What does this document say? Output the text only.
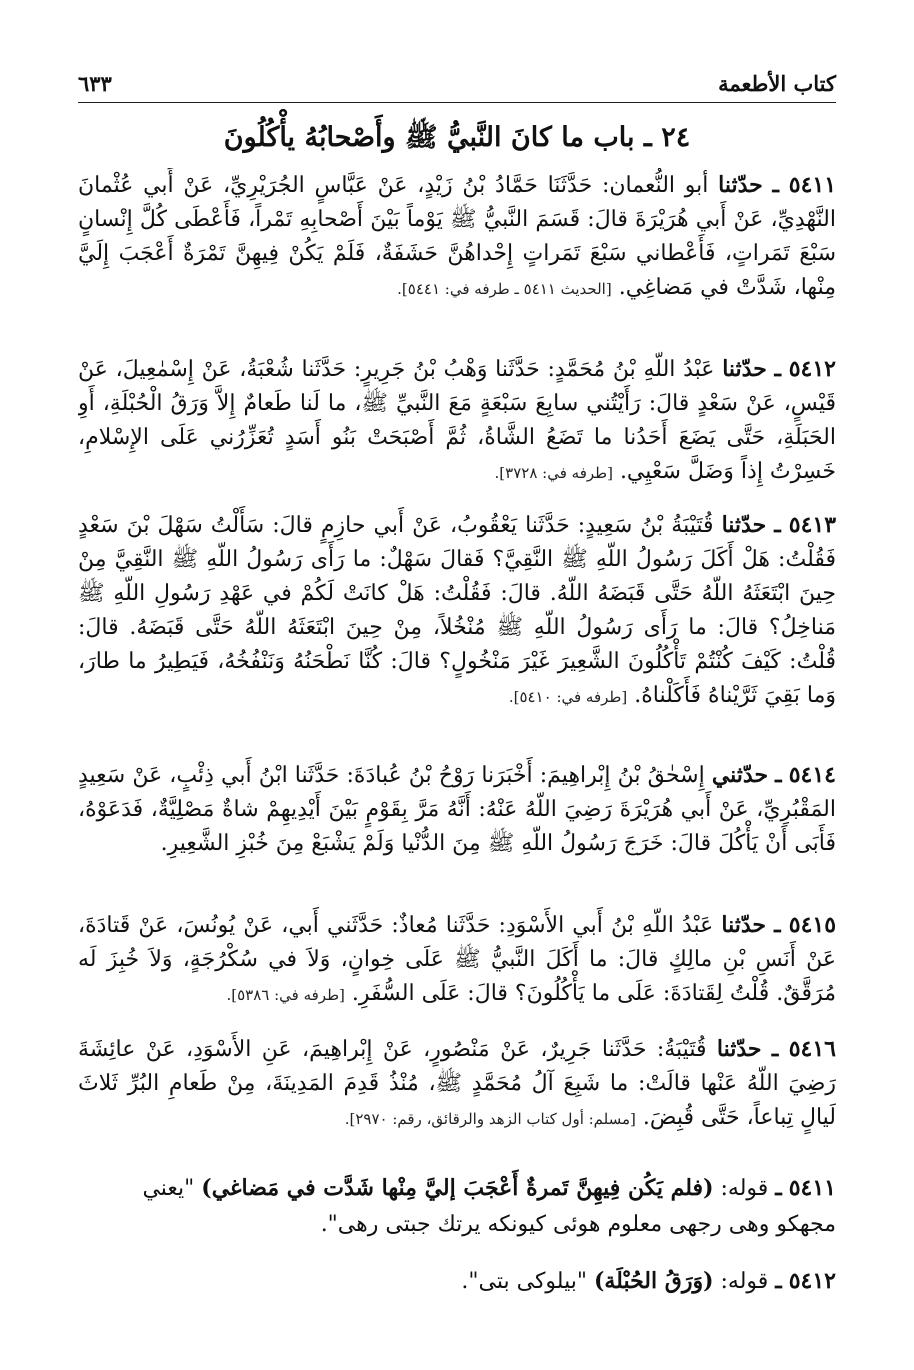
كتاب الأطعمة
٦٣٣
٢٤ ـ باب ما كانَ النَّبيُّ ﷺ وأَصْحابُهُ يأْكُلُونَ

٥٤١١ ـ حدّثنا أبو النُّعمان: حَدَّثَنَا حَمَّادُ بْنُ زَيْدٍ، عَنْ عَبَّاسٍ الجُرَيْرِيِّ، عَنْ أَبي عُثْمانَ النَّهْدِيِّ، عَنْ أَبي هُرَيْرَةَ قالَ: قَسَمَ النَّبيُّ ﷺ يَوْماً بَيْنَ أَصْحابِهِ تَمْراً، فَأَعْطَى كُلَّ إِنْسانٍ سَبْعَ تَمَراتٍ، فَأَعْطاني سَبْعَ تَمَراتٍ إِحْداهُنَّ حَشَفَةٌ، فَلَمْ يَكُنْ فِيهِنَّ تَمْرَةٌ أَعْجَبَ إِلَيَّ مِنْها، شَدَّتْ في مَضاغِي. [الحديث ٥٤١١ ـ طرفه في: ٥٤٤١].

٥٤١٢ ـ حدّثنا عَبْدُ اللّهِ بْنُ مُحَمَّدٍ: حَدَّثَنا وَهْبُ بْنُ جَرِيرٍ: حَدَّثَنا شُعْبَةُ، عَنْ إِسْمٰعِيلَ، عَنْ قَيْسٍ، عَنْ سَعْدٍ قالَ: رَأَيْتُني سابِعَ سَبْعَةٍ مَعَ النَّبيِّ ﷺ، ما لَنا طَعامٌ إِلاَّ وَرَقُ الْحُبْلَةِ، أَوِ الحَبَلَةِ، حَتَّى يَضَعَ أَحَدُنا ما تَضَعُ الشَّاةُ، ثُمَّ أَصْبَحَتْ بَنُو أَسَدٍ تُعَزِّرُني عَلَى الإِسْلامِ، خَسِرْتُ إِذاً وَضَلَّ سَعْيِي. [طرفه في: ٣٧٢٨].

٥٤١٣ ـ حدّثنا قُتَيْبَةُ بْنُ سَعِيدٍ: حَدَّثَنا يَعْقُوبُ، عَنْ أَبي حازِمٍ قالَ: سَأَلْتُ سَهْلَ بْنَ سَعْدٍ فَقُلْتُ: هَلْ أَكَلَ رَسُولُ اللّهِ ﷺ النَّقِيَّ؟ فَقالَ سَهْلٌ: ما رَأَى رَسُولُ اللّهِ ﷺ النَّقِيَّ مِنْ حِينَ ابْتَعَثَهُ اللّهُ حَتَّى قَبَضَهُ اللّهُ. قالَ: فَقُلْتُ: هَلْ كانَتْ لَكُمْ في عَهْدِ رَسُولِ اللّهِ ﷺ مَناخِلُ؟ قالَ: ما رَأَى رَسُولُ اللّهِ ﷺ مُنْخُلاً، مِنْ حِينَ ابْتَعَثَهُ اللّهُ حَتَّى قَبَضَهُ. قالَ: قُلْتُ: كَيْفَ كُنْتُمْ تَأْكُلُونَ الشَّعِيرَ غَيْرَ مَنْخُولٍ؟ قالَ: كُنَّا نَطْحَنُهُ وَنَنْفُخُهُ، فَيَطِيرُ ما طارَ، وَما بَقِيَ ثَرَّيْناهُ فَأَكَلْناهُ. [طرفه في: ٥٤١٠].

٥٤١٤ ـ حدّثني إِسْحٰقُ بْنُ إِبْراهِيمَ: أَخْبَرَنا رَوْحُ بْنُ عُبادَةَ: حَدَّثَنا ابْنُ أَبي ذِئْبٍ، عَنْ سَعِيدٍ المَقْبُرِيِّ، عَنْ أَبي هُرَيْرَةَ رَضِيَ اللّهُ عَنْهُ: أَنَّهُ مَرَّ بِقَوْمٍ بَيْنَ أَيْدِيهِمْ شاةٌ مَصْلِيَّةٌ، فَدَعَوْهُ، فَأَبَى أَنْ يَأْكُلَ قالَ: خَرَجَ رَسُولُ اللّهِ ﷺ مِنَ الدُّنْيا وَلَمْ يَشْبَعْ مِنَ خُبْزِ الشَّعِيرِ.

٥٤١٥ ـ حدّثنا عَبْدُ اللّهِ بْنُ أَبي الأَسْوَدِ: حَدَّثَنا مُعاذٌ: حَدَّثَني أَبي، عَنْ يُونُسَ، عَنْ قَتادَةَ، عَنْ أَنَسِ بْنِ مالِكٍ قالَ: ما أَكَلَ النَّبيُّ ﷺ عَلَى خِوانٍ، وَلاَ في سُكْرُجَةٍ، وَلاَ خُبِزَ لَه مُرَقَّقٌ. قُلْتُ لِقَتادَةَ: عَلَى ما يَأْكُلُونَ؟ قالَ: عَلَى السُّفَرِ. [طرفه في: ٥٣٨٦].

٥٤١٦ ـ حدّثنا قُتَيْبَةُ: حَدَّثَنا جَرِيرٌ، عَنْ مَنْصُورٍ، عَنْ إِبْراهِيمَ، عَنِ الأَسْوَدِ، عَنْ عائِشَةَ رَضِيَ اللّهُ عَنْها قالَتْ: ما شَبِعَ آلُ مُحَمَّدٍ ﷺ، مُنْذُ قَدِمَ المَدِينَةَ، مِنْ طَعامِ البُرِّ ثَلاثَ لَيالٍ تِباعاً، حَتَّى قُبِضَ. [مسلم: أول كتاب الزهد والرقائق، رقم: ٢٩٧٠].

٥٤١١ ـ قوله: (فلم يَكُن فِيهِنَّ تَمرةٌ أَعْجَبَ إليَّ مِنْها شَدَّت في مَضاغي) "يعني مجهكو وهى رجهى معلوم هوئى كيونكه يرتك جبتى رهى".

٥٤١٢ ـ قوله: (وَرَقُ الحُبْلَة) "بيلوكى بتى".
